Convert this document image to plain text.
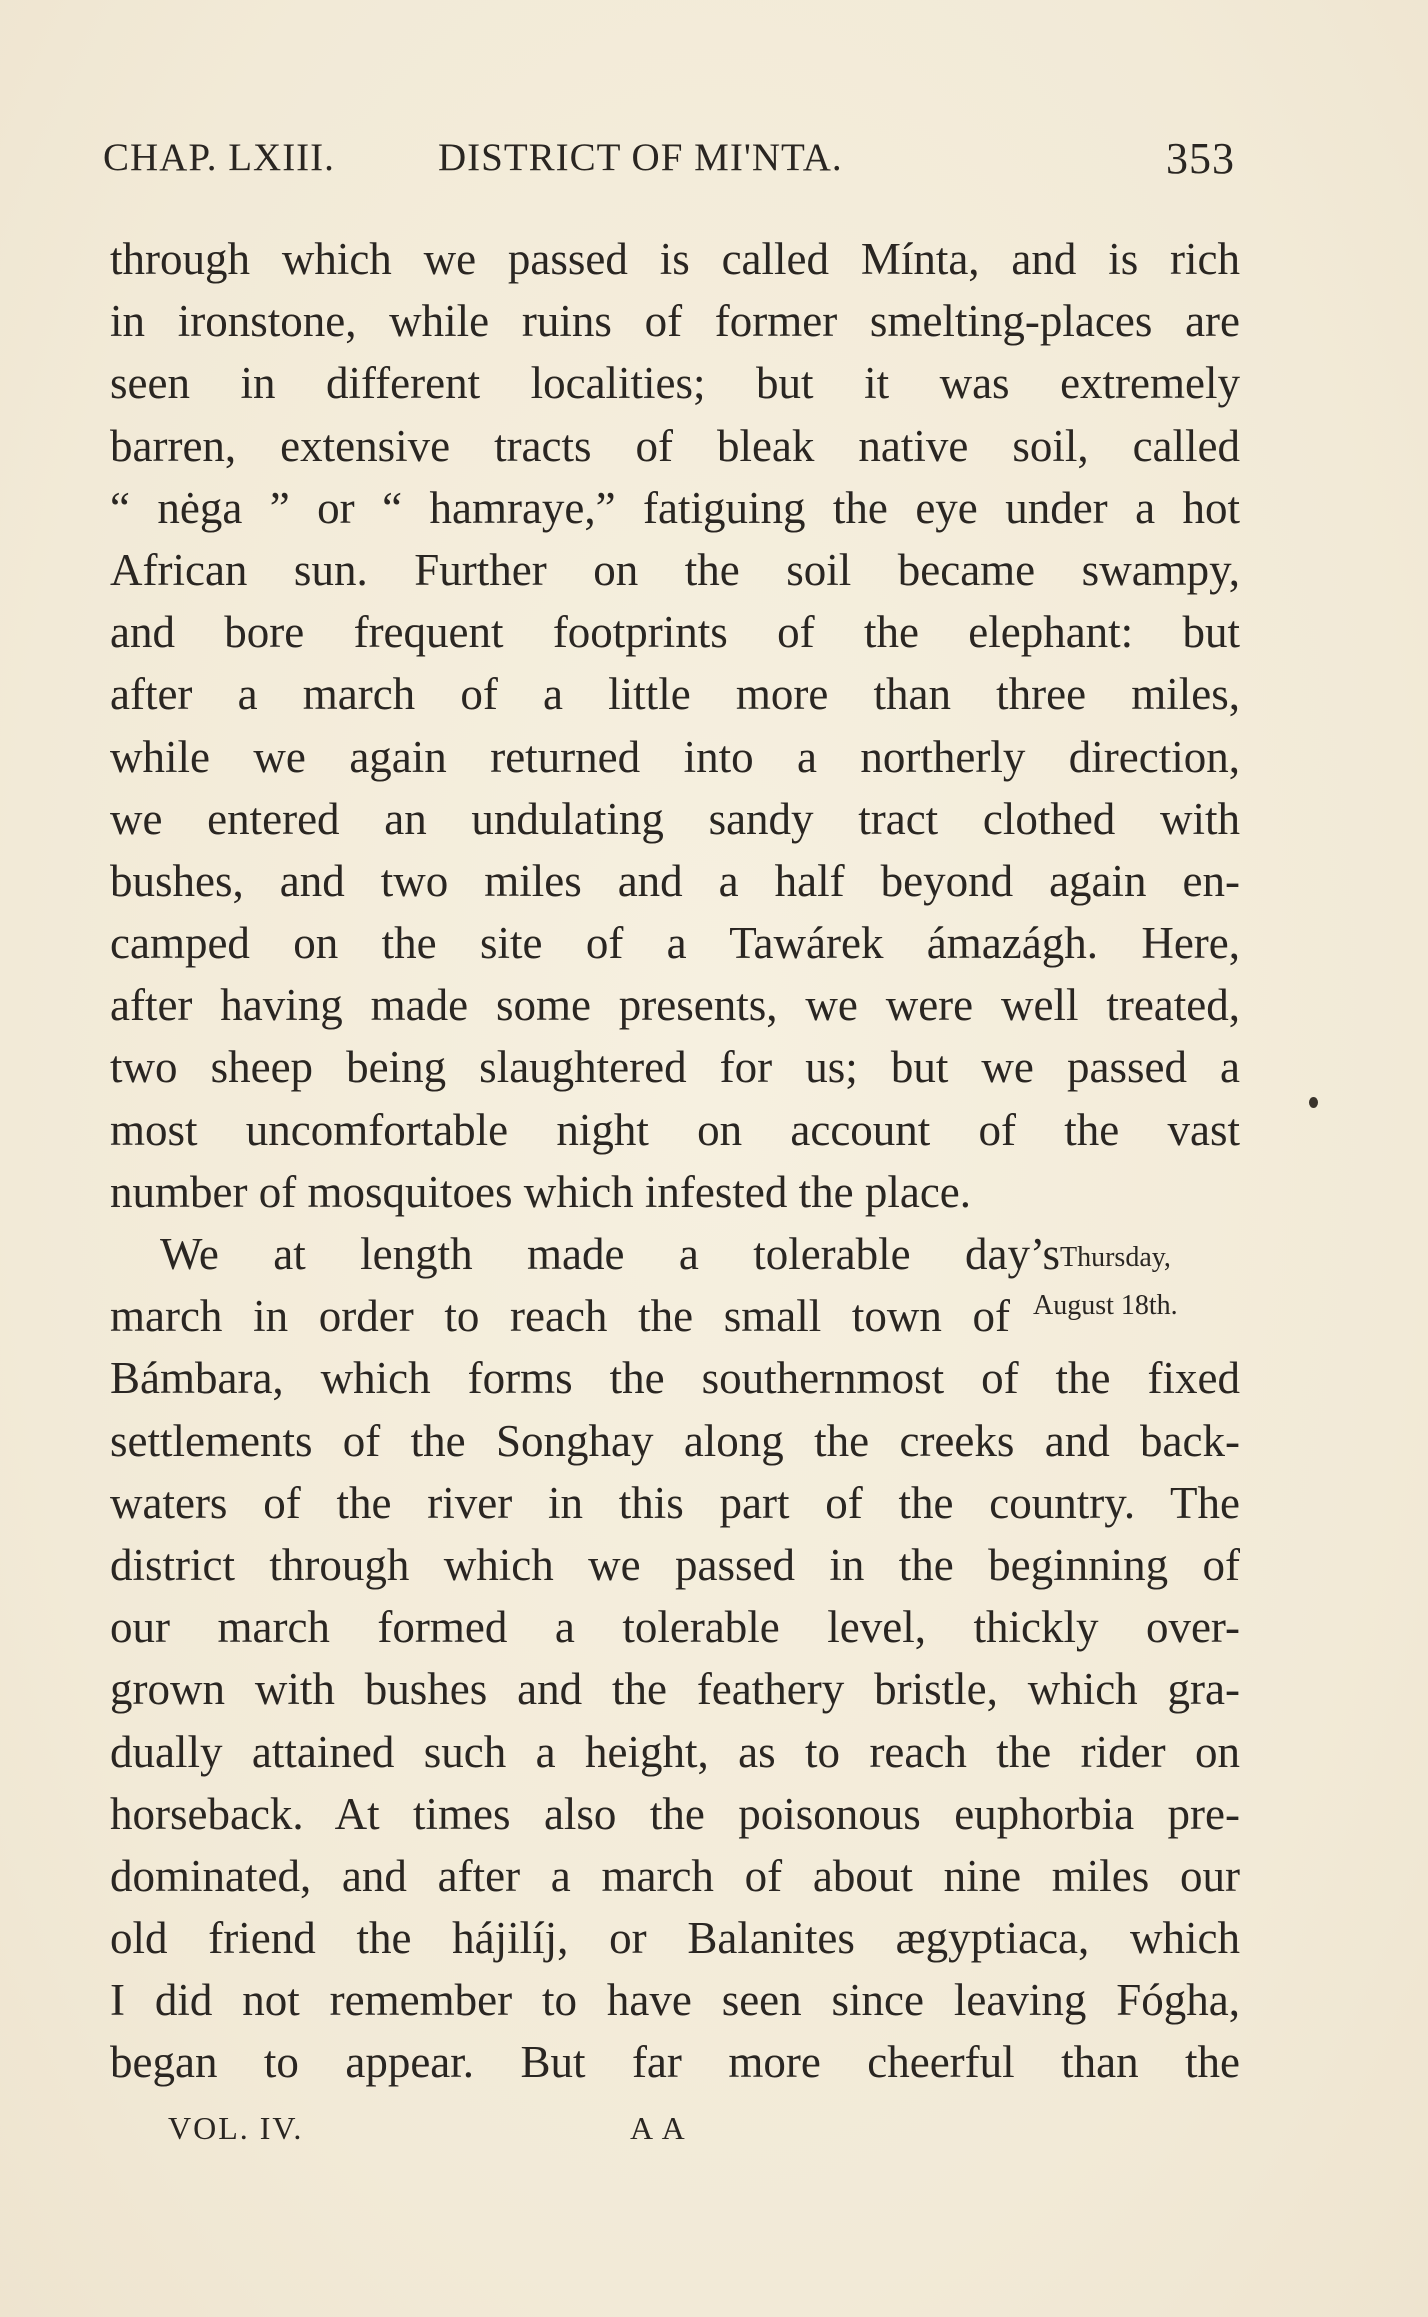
CHAP. LXIII.	DISTRICT OF MI'NTA.	353
through which we passed is called Mínta, and is rich
in ironstone, while ruins of former smelting-places are
seen in different localities; but it was extremely
barren, extensive tracts of bleak native soil, called
“ nėga ” or “ hamraye,” fatiguing the eye under a hot
African sun. Further on the soil became swampy,
and bore frequent footprints of the elephant: but
after a march of a little more than three miles,
while we again returned into a northerly direction,
we entered an undulating sandy tract clothed with
bushes, and two miles and a half beyond again en-
camped on the site of a Tawárek ámazágh. Here,
after having made some presents, we were well treated,
two sheep being slaughtered for us; but we passed a
most uncomfortable night on account of the vast
number of mosquitoes which infested the place.
We at length made a tolerable day’s
march in order to reach the small town of
Bámbara, which forms the southernmost of the fixed
settlements of the Songhay along the creeks and back-
waters of the river in this part of the country. The
district through which we passed in the beginning of
our march formed a tolerable level, thickly over-
grown with bushes and the feathery bristle, which gra-
dually attained such a height, as to reach the rider on
horseback. At times also the poisonous euphorbia pre-
dominated, and after a march of about nine miles our
old friend the hájilíj, or Balanites ægyptiaca, which
I did not remember to have seen since leaving Fógha,
began to appear. But far more cheerful than the
Thursday,
August 18th.
VOL. IV.	A A
